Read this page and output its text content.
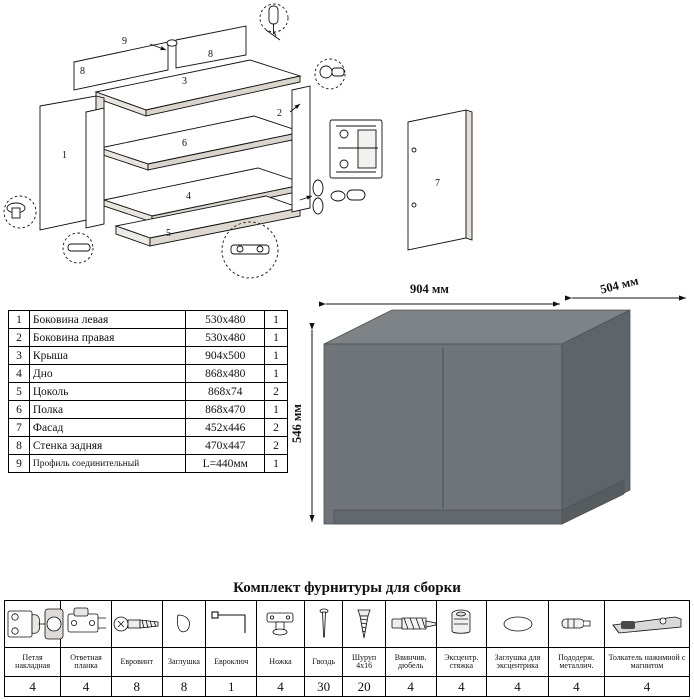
1
2
3
4
5
6
7
8
8
9
1	Боковина левая	530х480	1
2	Боковина правая	530х480	1
3	Крыша	904х500	1
4	Дно	868х480	1
5	Цоколь	868х74	2
6	Полка	868х470	1
7	Фасад	452х446	2
8	Стенка задняя	470х447	2
9	Профиль соединительный	L=440мм	1
904 мм	504 мм
546 мм
Комплект фурнитуры для сборки

Петля накладная	Ответная планка	Евровинт	Заглушка	Евроключ	Ножка	Гвоздь	Шуруп 4х16	Ввинчив. дюбель	Эксцентр. стяжка	Заглушка для эксцентрика	Пододерж. металлич.	Толкатель нажимной с магнитом
4	4	8	8	1	4	30	20	4	4	4	4	4
